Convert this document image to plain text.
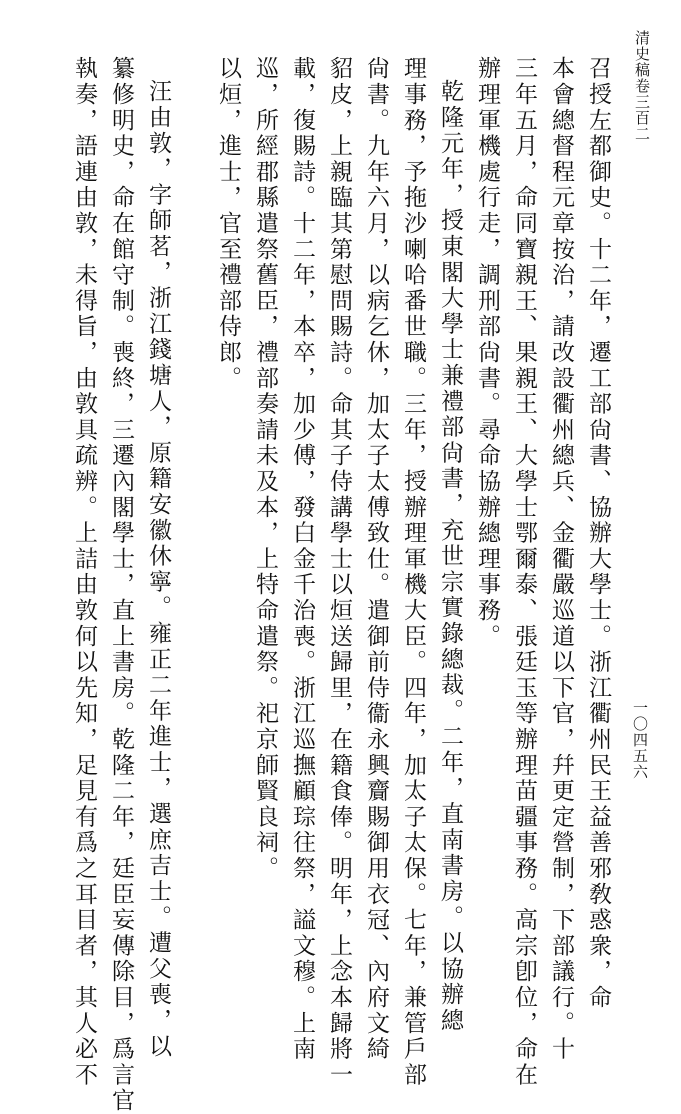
清史稿卷三百二
一〇四五六
召授左都御史。十二年，遷工部尙書、協辦大學士。浙江衢州民王益善邪敎惑衆，命
本會總督程元章按治，請改設衢州總兵、金衢嚴巡道以下官，幷更定營制，下部議行。十
三年五月，命同寶親王、果親王、大學士鄂爾泰、張廷玉等辦理苗疆事務。高宗卽位，命在
辦理軍機處行走，調刑部尙書。尋命協辦總理事務。
乾隆元年，授東閣大學士兼禮部尙書，充世宗實錄總裁。二年，直南書房。以協辦總
理事務，予拖沙喇哈番世職。三年，授辦理軍機大臣。四年，加太子太保。七年，兼管戶部
尙書。九年六月，以病乞休，加太子太傅致仕。遣御前侍衞永興齎賜御用衣冠、內府文綺
貂皮，上親臨其第慰問賜詩。命其子侍講學士以烜送歸里，在籍食俸。明年，上念本歸將一
載，復賜詩。十二年，本卒，加少傅，發白金千治喪。浙江巡撫顧琮往祭，謚文穆。上南
巡，所經郡縣遣祭舊臣，禮部奏請未及本，上特命遣祭。祀京師賢良祠。
以烜，進士，官至禮部侍郎。
汪由敦，字師茗，浙江錢塘人，原籍安徽休寧。雍正二年進士，選庶吉士。遭父喪，以
纂修明史，命在館守制。喪終，三遷內閣學士，直上書房。乾隆二年，廷臣妄傳除目，爲言官
執奏，語連由敦，未得旨，由敦具疏辨。上詰由敦何以先知，足見有爲之耳目者，其人必不
